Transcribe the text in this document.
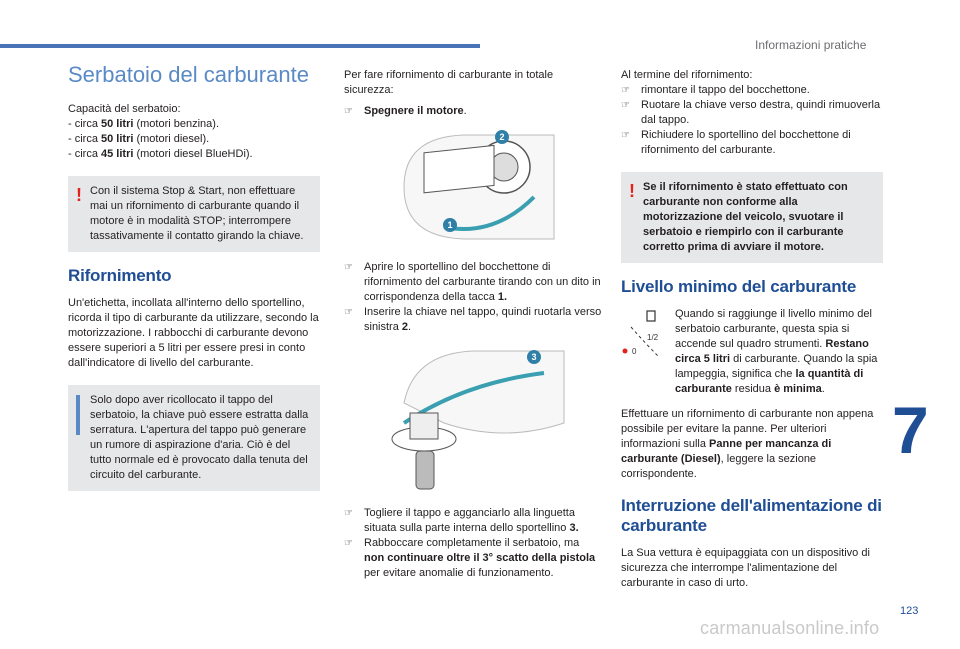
Informazioni pratiche
Serbatoio del carburante

Capacità del serbatoio:

- circa 50 litri (motori benzina).

- circa 50 litri (motori diesel).

- circa 45 litri (motori diesel BlueHDi).

! Con il sistema Stop & Start, non effettuare mai un rifornimento di carburante quando il motore è in modalità STOP; interrompere tassativamente il contatto girando la chiave.

Rifornimento

Un'etichetta, incollata all'interno dello sportellino, ricorda il tipo di carburante da utilizzare, secondo la motorizzazione. I rabbocchi di carburante devono essere superiori a 5 litri per essere presi in conto dall'indicatore di livello del carburante.

Solo dopo aver ricollocato il tappo del serbatoio, la chiave può essere estratta dalla serratura. L'apertura del tappo può generare un rumore di aspirazione d'aria. Ciò è del tutto normale ed è provocato dalla tenuta del circuito del carburante.

Per fare rifornimento di carburante in totale sicurezza:

☞ Spegnere il motore.

1
2

☞ Aprire lo sportellino del bocchettone di rifornimento del carburante tirando con un dito in corrispondenza della tacca 1.

☞ Inserire la chiave nel tappo, quindi ruotarla verso sinistra 2.

3

☞ Togliere il tappo e agganciarlo alla linguetta situata sulla parte interna dello sportellino 3.

☞ Rabboccare completamente il serbatoio, ma non continuare oltre il 3° scatto della pistola per evitare anomalie di funzionamento.

Al termine del rifornimento:

☞ rimontare il tappo del bocchettone.

☞ Ruotare la chiave verso destra, quindi rimuoverla dal tappo.

☞ Richiudere lo sportellino del bocchettone di rifornimento del carburante.

! Se il rifornimento è stato effettuato con carburante non conforme alla motorizzazione del veicolo, svuotare il serbatoio e riempirlo con il carburante corretto prima di avviare il motore.

Livello minimo del carburante
1/2
0

Quando si raggiunge il livello minimo del serbatoio carburante, questa spia si accende sul quadro strumenti. Restano circa 5 litri di carburante. Quando la spia lampeggia, significa che la quantità di carburante residua è minima.

Effettuare un rifornimento di carburante non appena possibile per evitare la panne. Per ulteriori informazioni sulla Panne per mancanza di carburante (Diesel), leggere la sezione corrispondente.

Interruzione dell'alimentazione di carburante

La Sua vettura è equipaggiata con un dispositivo di sicurezza che interrompe l'alimentazione del carburante in caso di urto.

7
123
carmanualsonline.info
